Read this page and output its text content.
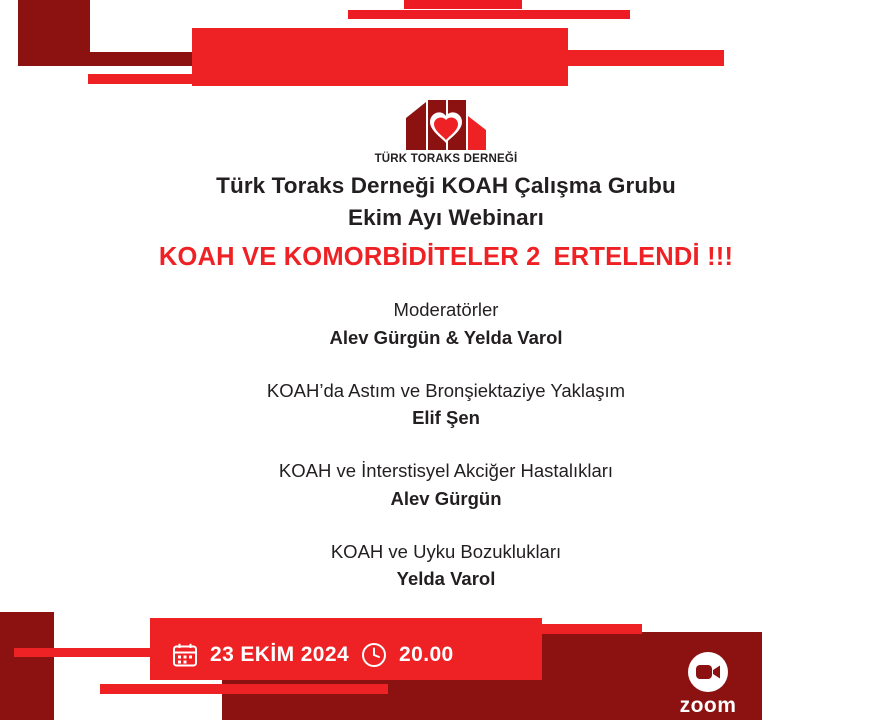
TÜRK TORAKS DERNEĞİ
Türk Toraks Derneği KOAH Çalışma Grubu
Ekim Ayı Webinarı
KOAH VE KOMORBİDİTELER 2 ERTELENDİ !!!
Moderatörler
Alev Gürgün & Yelda Varol
KOAH’da Astım ve Bronşiektaziye Yaklaşım
Elif Şen
KOAH ve İnterstisyel Akciğer Hastalıkları
Alev Gürgün
KOAH ve Uyku Bozuklukları
Yelda Varol
23 EKİM 2024 20.00
zoom
